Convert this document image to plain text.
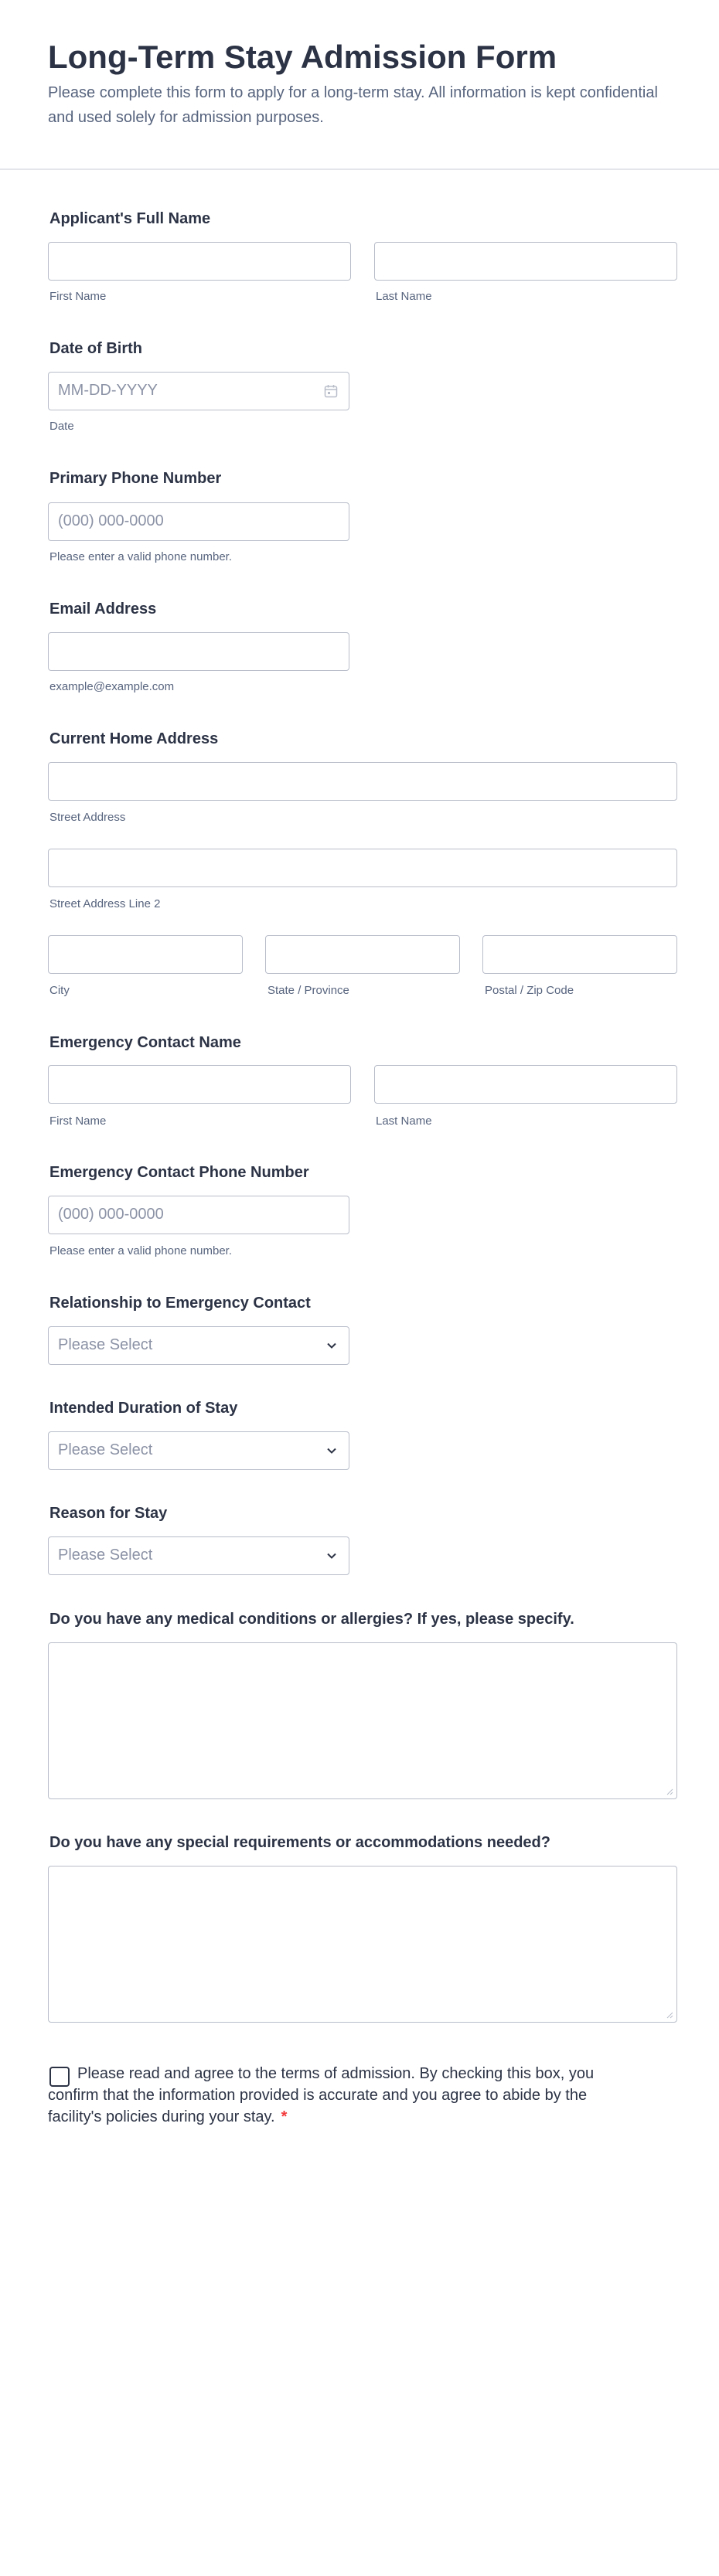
Long-Term Stay Admission Form
Please complete this form to apply for a long-term stay. All information is kept confidential and used solely for admission purposes.
Applicant's Full Name
First Name	Last Name
Date of Birth
MM-DD-YYYY
Date
Primary Phone Number
(000) 000-0000
Please enter a valid phone number.
Email Address
example@example.com
Current Home Address
Street Address
Street Address Line 2
City	State / Province	Postal / Zip Code
Emergency Contact Name
First Name	Last Name
Emergency Contact Phone Number
(000) 000-0000
Please enter a valid phone number.
Relationship to Emergency Contact
Please Select
Intended Duration of Stay
Please Select
Reason for Stay
Please Select
Do you have any medical conditions or allergies? If yes, please specify.
Do you have any special requirements or accommodations needed?
Please read and agree to the terms of admission. By checking this box, you confirm that the information provided is accurate and you agree to abide by the facility's policies during your stay. *
